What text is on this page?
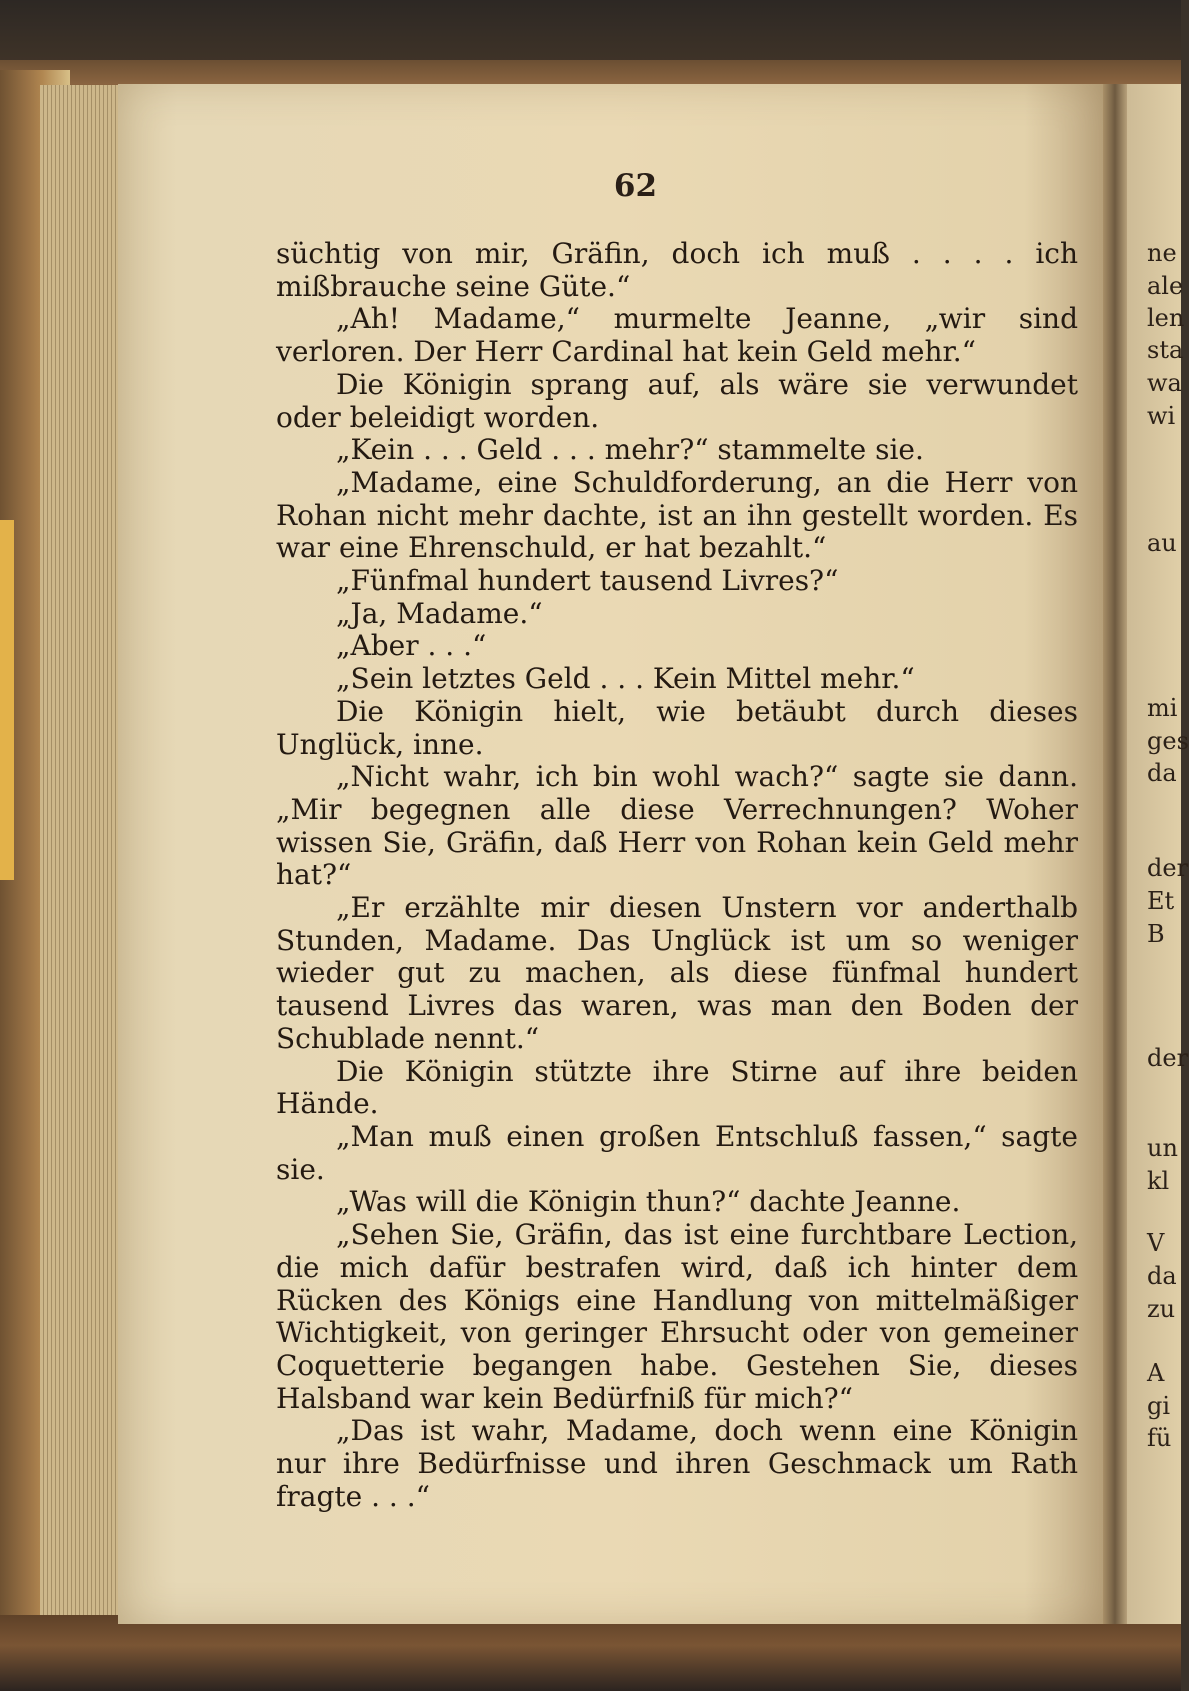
ne

ale

len

sta

wa

wi

au

mi

ges

da

der

Et

B

der

un

kl

V

da

zu

A

gi

fü

62

süchtig von mir, Gräfin, doch ich muß . . . . ich mißbrauche seine Güte.“

„Ah! Madame,“ murmelte Jeanne, „wir sind verloren. Der Herr Cardinal hat kein Geld mehr.“

Die Königin sprang auf, als wäre sie verwundet oder beleidigt worden.

„Kein . . . Geld . . . mehr?“ stammelte sie.

„Madame, eine Schuldforderung, an die Herr von Rohan nicht mehr dachte, ist an ihn gestellt worden. Es war eine Ehrenschuld, er hat bezahlt.“

„Fünfmal hundert tausend Livres?“

„Ja, Madame.“

„Aber . . .“

„Sein letztes Geld . . . Kein Mittel mehr.“

Die Königin hielt, wie betäubt durch dieses Unglück, inne.

„Nicht wahr, ich bin wohl wach?“ sagte sie dann. „Mir begegnen alle diese Verrechnungen? Woher wissen Sie, Gräfin, daß Herr von Rohan kein Geld mehr hat?“

„Er erzählte mir diesen Unstern vor anderthalb Stunden, Madame. Das Unglück ist um so weniger wieder gut zu machen, als diese fünfmal hundert tausend Livres das waren, was man den Boden der Schublade nennt.“

Die Königin stützte ihre Stirne auf ihre beiden Hände.

„Man muß einen großen Entschluß fassen,“ sagte sie.

„Was will die Königin thun?“ dachte Jeanne.

„Sehen Sie, Gräfin, das ist eine furchtbare Lection, die mich dafür bestrafen wird, daß ich hinter dem Rücken des Königs eine Handlung von mittelmäßiger Wichtigkeit, von geringer Ehrsucht oder von gemeiner Coquetterie begangen habe. Gestehen Sie, dieses Halsband war kein Bedürfniß für mich?“

„Das ist wahr, Madame, doch wenn eine Königin nur ihre Bedürfnisse und ihren Geschmack um Rath fragte . . .“
